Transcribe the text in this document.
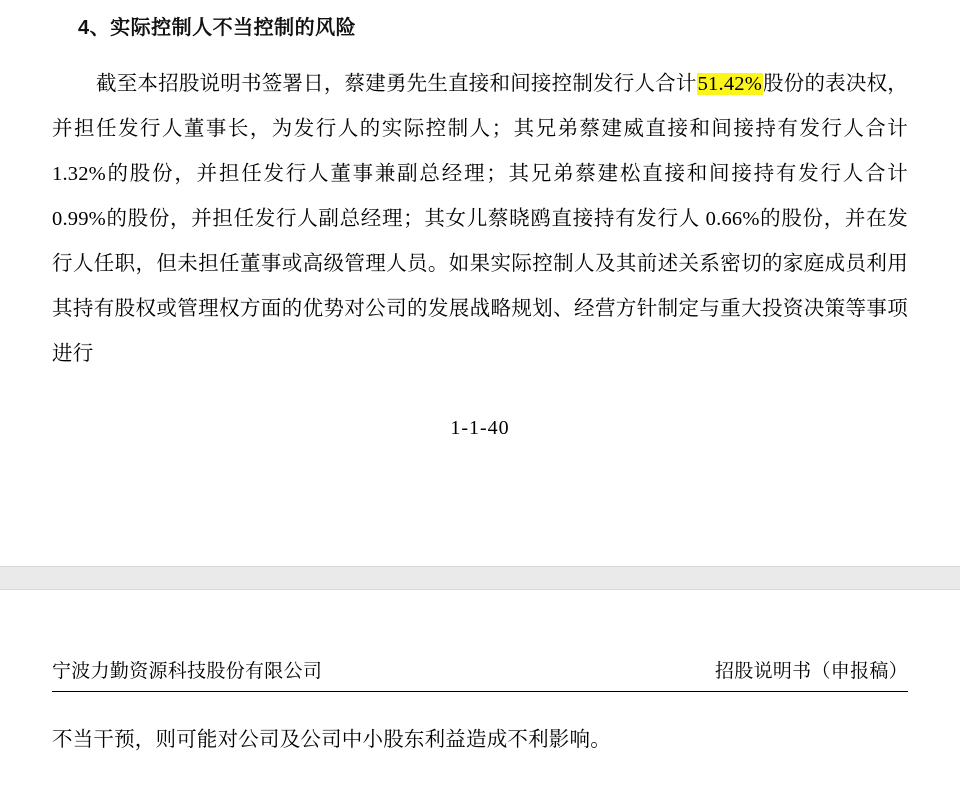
4、实际控制人不当控制的风险

截至本招股说明书签署日，蔡建勇先生直接和间接控制发行人合计51.42%股份的表决权，并担任发行人董事长，为发行人的实际控制人；其兄弟蔡建威直接和间接持有发行人合计 1.32%的股份，并担任发行人董事兼副总经理；其兄弟蔡建松直接和间接持有发行人合计 0.99%的股份，并担任发行人副总经理；其女儿蔡晓鸥直接持有发行人 0.66%的股份，并在发行人任职，但未担任董事或高级管理人员。如果实际控制人及其前述关系密切的家庭成员利用其持有股权或管理权方面的优势对公司的发展战略规划、经营方针制定与重大投资决策等事项进行

1-1-40
宁波力勤资源科技股份有限公司	招股说明书（申报稿）

不当干预，则可能对公司及公司中小股东利益造成不利影响。
